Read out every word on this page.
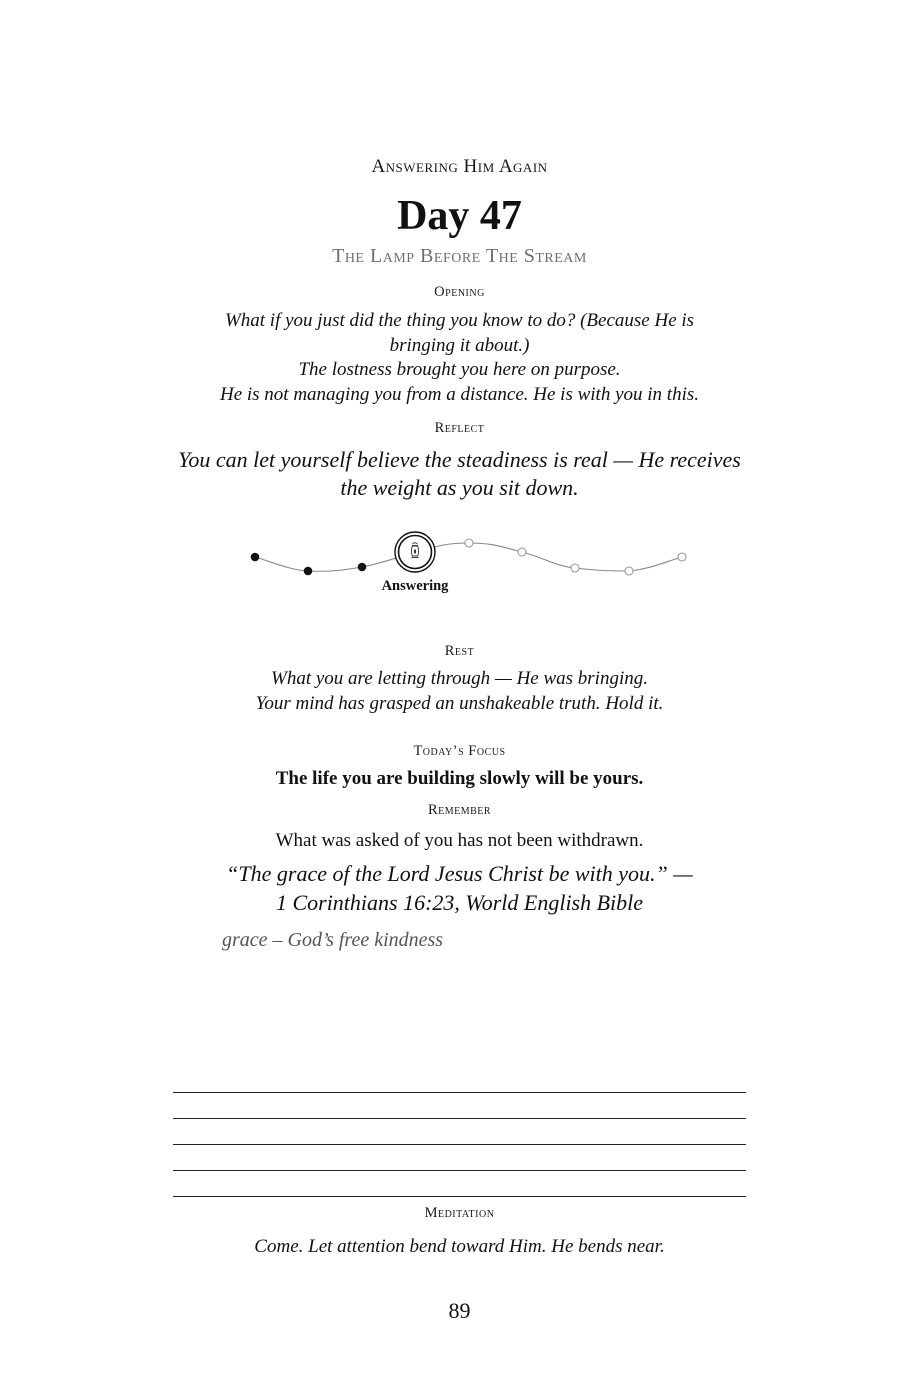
Answering Him Again
Day 47
The Lamp Before The Stream
Opening
What if you just did the thing you know to do? (Because He is
bringing it about.)
The lostness brought you here on purpose.
He is not managing you from a distance. He is with you in this.
Reflect
You can let yourself believe the steadiness is real — He receives
the weight as you sit down.
Answering
Rest
What you are letting through — He was bringing.
Your mind has grasped an unshakeable truth. Hold it.
Today’s Focus
The life you are building slowly will be yours.
Remember
What was asked of you has not been withdrawn.
“The grace of the Lord Jesus Christ be with you.” —
1 Corinthians 16:23, World English Bible
grace – God’s free kindness
Meditation
Come. Let attention bend toward Him. He bends near.
89
